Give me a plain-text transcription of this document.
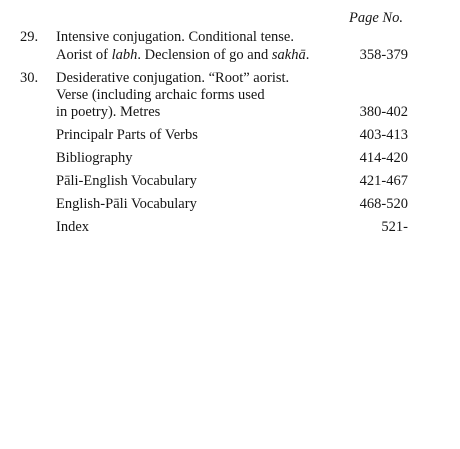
Page No.
29. Intensive conjugation. Conditional tense.
Aorist of labh. Declension of go and sakhā.	358-379
30. Desiderative conjugation. “Root” aorist.
Verse (including archaic forms used
in poetry). Metres	380-402
Principalr Parts of Verbs	403-413
Bibliography	414-420
Pāli-English Vocabulary	421-467
English-Pāli Vocabulary	468-520
Index	521-
